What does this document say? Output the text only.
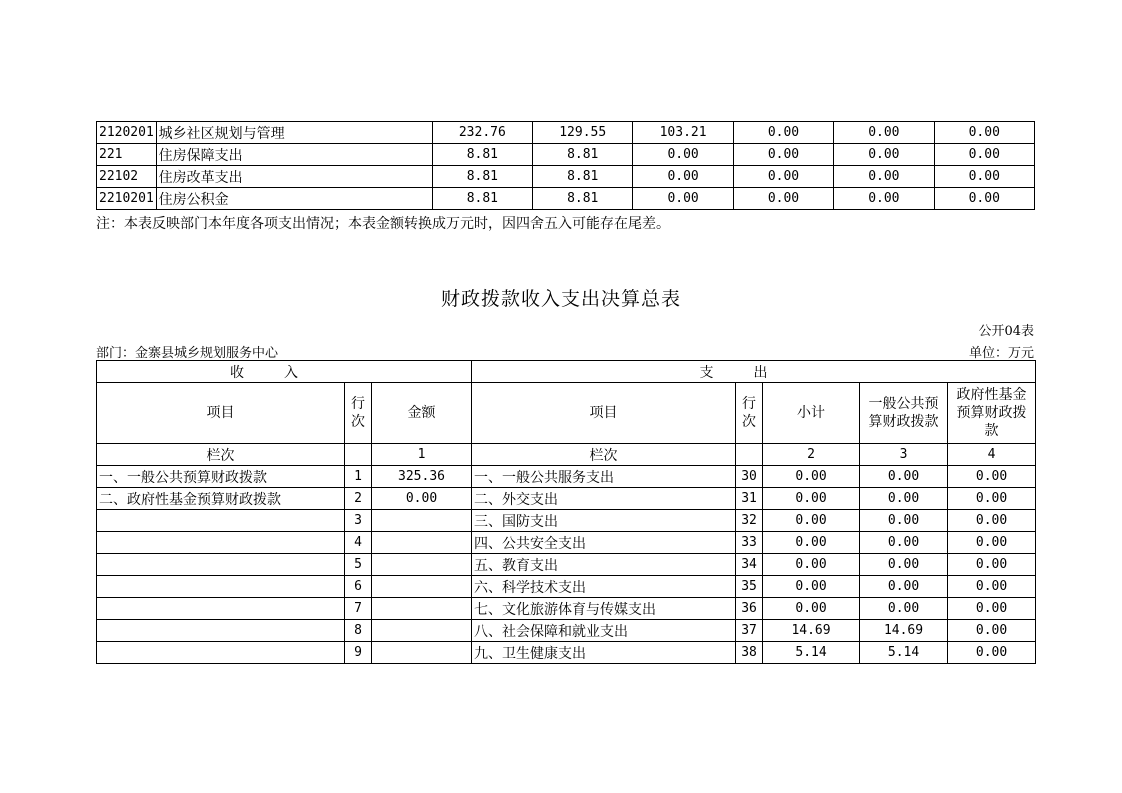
2120201	城乡社区规划与管理	232.76	129.55	103.21	0.00	0.00	0.00
221	住房保障支出	8.81	8.81	0.00	0.00	0.00	0.00
22102	住房改革支出	8.81	8.81	0.00	0.00	0.00	0.00
2210201	住房公积金	8.81	8.81	0.00	0.00	0.00	0.00
注：本表反映部门本年度各项支出情况；本表金额转换成万元时，因四舍五入可能存在尾差。
财政拨款收入支出决算总表
公开04表
部门：金寨县城乡规划服务中心	单位：万元
收入			支出				
项目	行次	金额	项目	行次	小计	一般公共预算财政拨款	政府性基金预算财政拨款
栏次		1	栏次		2	3	4
一、一般公共预算财政拨款	1	325.36	一、一般公共服务支出	30	0.00	0.00	0.00
二、政府性基金预算财政拨款	2	0.00	二、外交支出	31	0.00	0.00	0.00
	3		三、国防支出	32	0.00	0.00	0.00
	4		四、公共安全支出	33	0.00	0.00	0.00
	5		五、教育支出	34	0.00	0.00	0.00
	6		六、科学技术支出	35	0.00	0.00	0.00
	7		七、文化旅游体育与传媒支出	36	0.00	0.00	0.00
	8		八、社会保障和就业支出	37	14.69	14.69	0.00
	9		九、卫生健康支出	38	5.14	5.14	0.00
